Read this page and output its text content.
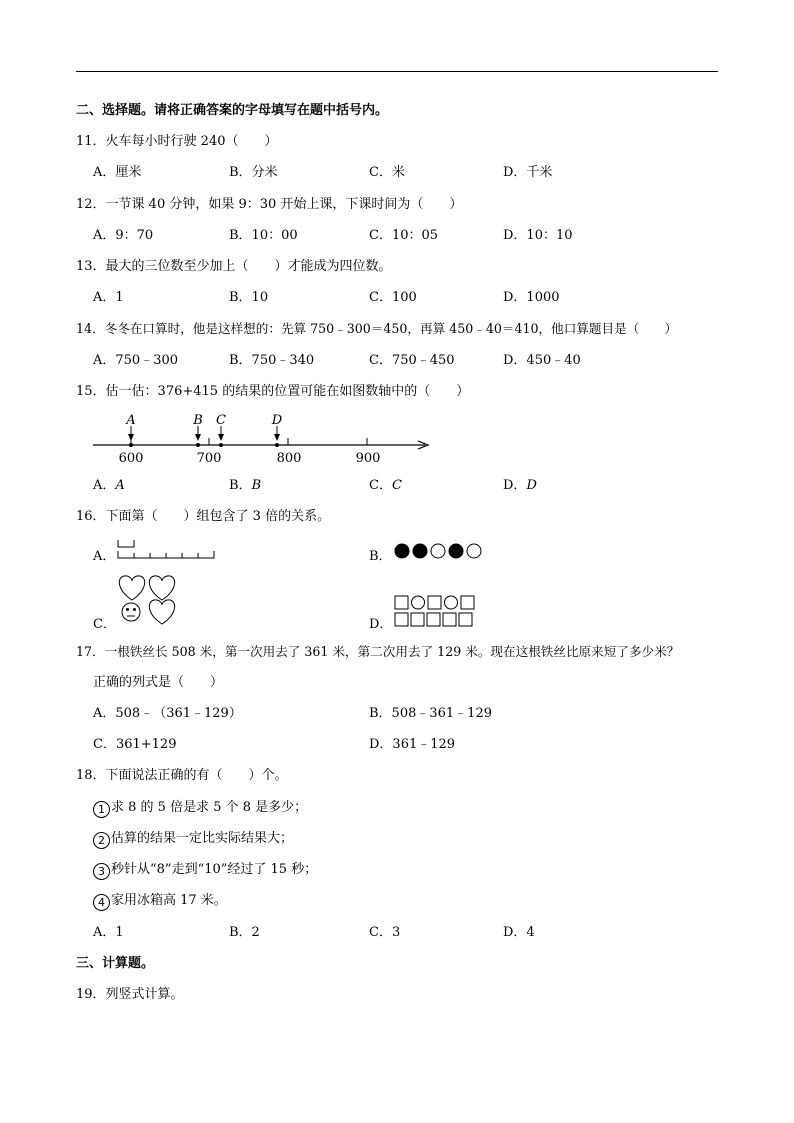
二、选择题。请将正确答案的字母填写在题中括号内。
11．火车每小时行驶 240（　　）
A．厘米	B．分米	C．米	D．千米
12．一节课 40 分钟，如果 9：30 开始上课，下课时间为（　　）
A．9：70	B．10：00	C．10：05	D．10：10
13．最大的三位数至少加上（　　）才能成为四位数。
A．1	B．10	C．100	D．1000
14．冬冬在口算时，他是这样想的：先算 750﹣300＝450，再算 450﹣40＝410，他口算题目是（　　）
A．750﹣300	B．750﹣340	C．750﹣450	D．450﹣40
15．估一估：376+415 的结果的位置可能在如图数轴中的（　　）
600	700	800	900
A	B C	D
A．A	B．B	C．C	D．D
16．下面第（　　）组包含了 3 倍的关系。
A．	B．
C．	D．
17．一根铁丝长 508 米，第一次用去了 361 米，第二次用去了 129 米。现在这根铁丝比原来短了多少米？
正确的列式是（　　）
A．508﹣（361﹣129）	B．508﹣361﹣129
C．361+129	D．361﹣129
18．下面说法正确的有（　　）个。
1 求 8 的 5 倍是求 5 个 8 是多少；
2 估算的结果一定比实际结果大；
3 秒针从“8”走到“10”经过了 15 秒；
4 家用冰箱高 17 米。
A．1	B．2	C．3	D．4
三、计算题。
19．列竖式计算。
